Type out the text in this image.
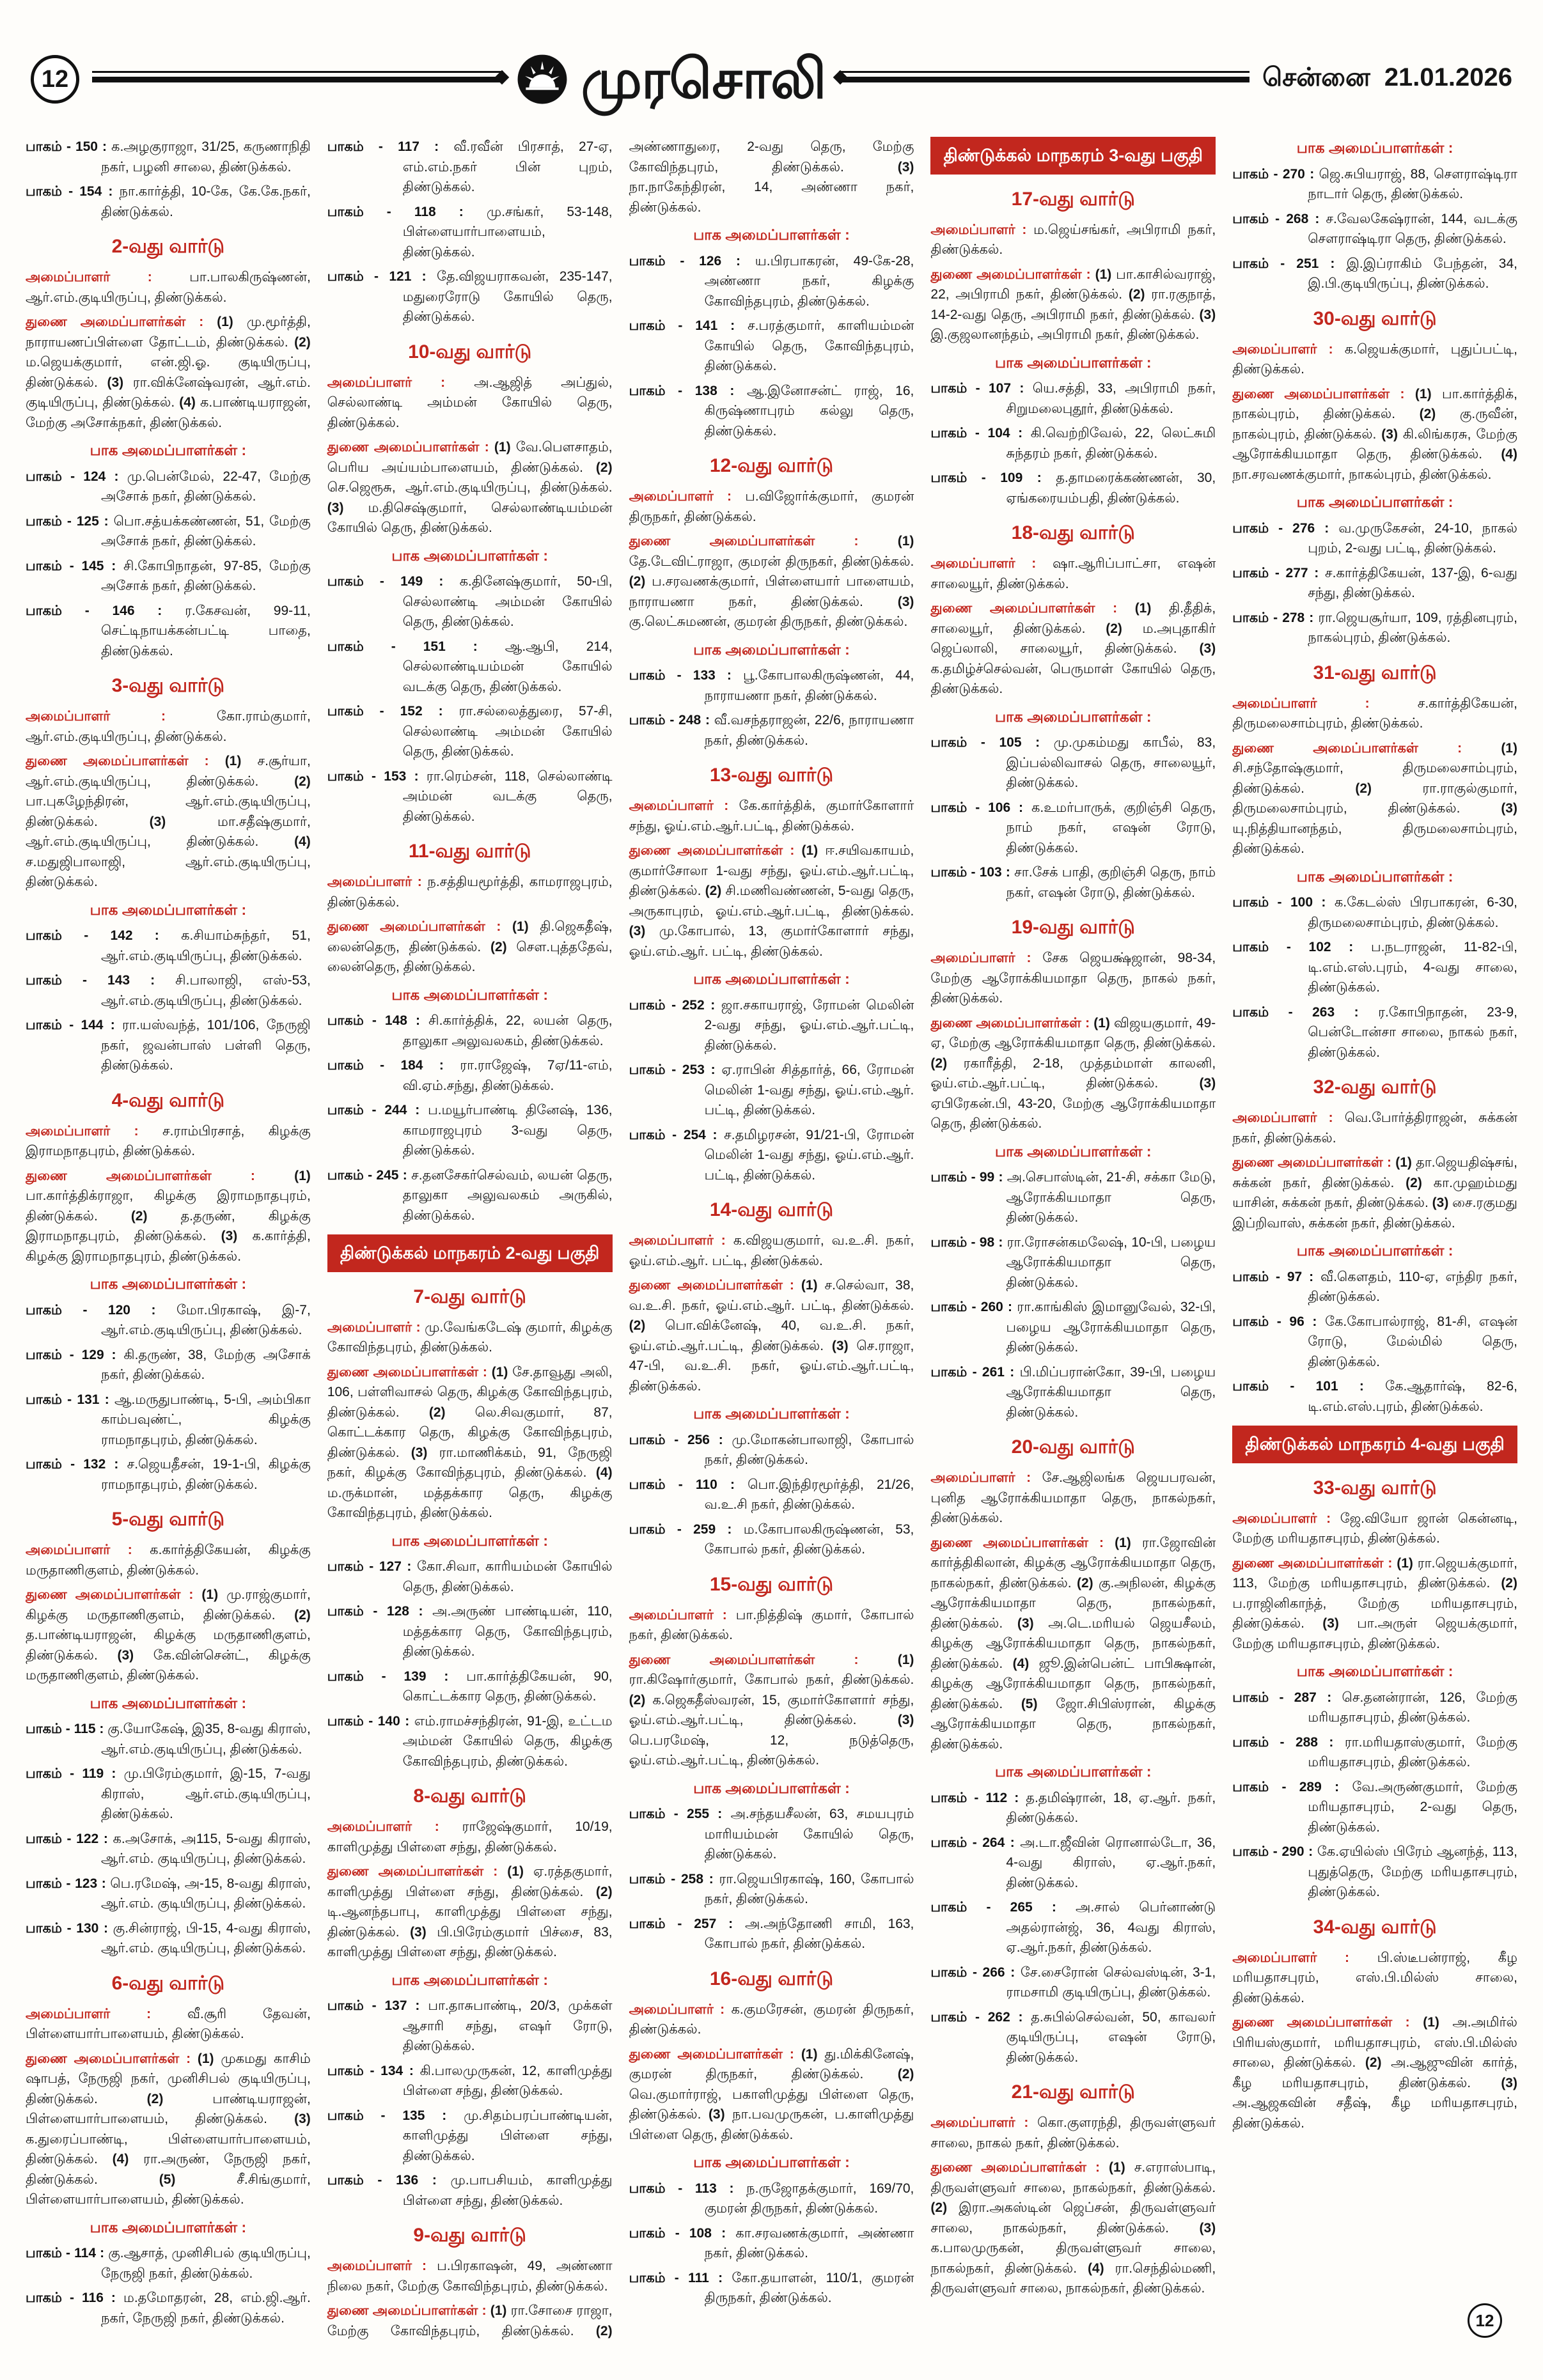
12	முரசொலி	சென்னை 21.01.2026

பாகம் - 150 : க.அழகுராஜா, 31/25, கருணாநிதி நகர், பழனி சாலை, திண்டுக்கல்.

பாகம் - 154 : நா.கார்த்தி, 10-கே, கே.கே.நகர், திண்டுக்கல்.

2-வது வார்டு

அமைப்பாளர் : பா.பாலகிருஷ்ணன், ஆர்.எம்.குடியிருப்பு, திண்டுக்கல்.

துணை அமைப்பாளர்கள் : (1) மு.மூர்த்தி, நாராயணப்பிள்ளை தோட்டம், திண்டுக்கல். (2) ம.ஜெயக்குமார், என்.ஜி.ஓ. குடியிருப்பு, திண்டுக்கல். (3) ரா.விக்னேஷ்வரன், ஆர்.எம். குடியிருப்பு, திண்டுக்கல். (4) க.பாண்டியராஜன், மேற்கு அசோக்நகர், திண்டுக்கல்.

பாக அமைப்பாளர்கள் :

பாகம் - 124 : மு.பென்மேல், 22-47, மேற்கு அசோக் நகர், திண்டுக்கல்.

பாகம் - 125 : பொ.சத்யக்கண்ணன், 51, மேற்கு அசோக் நகர், திண்டுக்கல்.

பாகம் - 145 : சி.கோபிநாதன், 97-85, மேற்கு அசோக் நகர், திண்டுக்கல்.

பாகம் - 146 : ர.கேசவன், 99-11, செட்டிநாயக்கன்பட்டி பாதை, திண்டுக்கல்.

3-வது வார்டு

அமைப்பாளர் : கோ.ராம்குமார், ஆர்.எம்.குடியிருப்பு, திண்டுக்கல்.

துணை அமைப்பாளர்கள் : (1) ச.சூர்யா, ஆர்.எம்.குடியிருப்பு, திண்டுக்கல். (2) பா.புகழேந்திரன், ஆர்.எம்.குடியிருப்பு, திண்டுக்கல். (3) மா.சதீஷ்குமார், ஆர்.எம்.குடியிருப்பு, திண்டுக்கல். (4) ச.மதுஜிபாலாஜி, ஆர்.எம்.குடியிருப்பு, திண்டுக்கல்.

பாக அமைப்பாளர்கள் :

பாகம் - 142 : க.சியாம்சுந்தர், 51, ஆர்.எம்.குடியிருப்பு, திண்டுக்கல்.

பாகம் - 143 : சி.பாலாஜி, எஸ்-53, ஆர்.எம்.குடியிருப்பு, திண்டுக்கல்.

பாகம் - 144 : ரா.யஸ்வந்த், 101/106, நேருஜி நகர், ஜவன்பாஸ் பள்ளி தெரு, திண்டுக்கல்.

4-வது வார்டு

அமைப்பாளர் : ச.ராம்பிரசாத், கிழக்கு இராமநாதபுரம், திண்டுக்கல்.

துணை அமைப்பாளர்கள் : (1) பா.கார்த்திக்ராஜா, கிழக்கு இராமநாதபுரம், திண்டுக்கல். (2) த.தருண், கிழக்கு இராமநாதபுரம், திண்டுக்கல். (3) க.கார்த்தி, கிழக்கு இராமநாதபுரம், திண்டுக்கல்.

பாக அமைப்பாளர்கள் :

பாகம் - 120 : மோ.பிரகாஷ், இ-7, ஆர்.எம்.குடியிருப்பு, திண்டுக்கல்.

பாகம் - 129 : கி.தருண், 38, மேற்கு அசோக் நகர், திண்டுக்கல்.

பாகம் - 131 : ஆ.மருதுபாண்டி, 5-பி, அம்பிகா காம்பவுண்ட், கிழக்கு ராமநாதபுரம், திண்டுக்கல்.

பாகம் - 132 : ச.ஜெயதீசன், 19-1-பி, கிழக்கு ராமநாதபுரம், திண்டுக்கல்.

5-வது வார்டு

அமைப்பாளர் : க.கார்த்திகேயன், கிழக்கு மருதாணிகுளம், திண்டுக்கல்.

துணை அமைப்பாளர்கள் : (1) மு.ராஜ்குமார், கிழக்கு மருதாணிகுளம், திண்டுக்கல். (2) த.பாண்டியராஜன், கிழக்கு மருதாணிகுளம், திண்டுக்கல். (3) கே.வின்சென்ட், கிழக்கு மருதாணிகுளம், திண்டுக்கல்.

பாக அமைப்பாளர்கள் :

பாகம் - 115 : கு.யோகேஷ், இ35, 8-வது கிராஸ், ஆர்.எம்.குடியிருப்பு, திண்டுக்கல்.

பாகம் - 119 : மு.பிரேம்குமார், இ-15, 7-வது கிராஸ், ஆர்.எம்.குடியிருப்பு, திண்டுக்கல்.

பாகம் - 122 : க.அசோக், அ115, 5-வது கிராஸ், ஆர்.எம். குடியிருப்பு, திண்டுக்கல்.

பாகம் - 123 : பெ.ரமேஷ், அ-15, 8-வது கிராஸ், ஆர்.எம். குடியிருப்பு, திண்டுக்கல்.

பாகம் - 130 : கு.சின்ராஜ், பி-15, 4-வது கிராஸ், ஆர்.எம். குடியிருப்பு, திண்டுக்கல்.

6-வது வார்டு

அமைப்பாளர் : வீ.சூரி தேவன், பிள்ளையார்பாளையம், திண்டுக்கல்.

துணை அமைப்பாளர்கள் : (1) முகமது காசிம் ஷாபத், நேருஜி நகர், முனிசிபல் குடியிருப்பு, திண்டுக்கல். (2) பாண்டியராஜன், பிள்ளையார்பாளையம், திண்டுக்கல். (3) க.துரைப்பாண்டி, பிள்ளையார்பாளையம், திண்டுக்கல். (4) ரா.அருண், நேருஜி நகர், திண்டுக்கல். (5) சீ.சிங்குமார், பிள்ளையார்பாளையம், திண்டுக்கல்.

பாக அமைப்பாளர்கள் :

பாகம் - 114 : கு.ஆசாத், முனிசிபல் குடியிருப்பு, நேருஜி நகர், திண்டுக்கல்.

பாகம் - 116 : ம.தமோதரன், 28, எம்.ஜி.ஆர். நகர், நேருஜி நகர், திண்டுக்கல்.

பாகம் - 117 : வீ.ரவீன் பிரசாத், 27-ஏ, எம்.எம்.நகர் பின் புறம், திண்டுக்கல்.

பாகம் - 118 : மு.சங்கர், 53-148, பிள்ளையார்பாளையம், திண்டுக்கல்.

பாகம் - 121 : தே.விஜயராகவன், 235-147, மதுரைரோடு கோயில் தெரு, திண்டுக்கல்.

10-வது வார்டு

அமைப்பாளர் : அ.ஆஜித் அப்துல், செல்லாண்டி அம்மன் கோயில் தெரு, திண்டுக்கல்.

துணை அமைப்பாளர்கள் : (1) வே.பௌசாதம், பெரிய அய்யம்பாளையம், திண்டுக்கல். (2) செ.ஜெரூசு, ஆர்.எம்.குடியிருப்பு, திண்டுக்கல். (3) ம.திசெஷ்குமார், செல்லாண்டியம்மன் கோயில் தெரு, திண்டுக்கல்.

பாக அமைப்பாளர்கள் :

பாகம் - 149 : க.தினேஷ்குமார், 50-பி, செல்லாண்டி அம்மன் கோயில் தெரு, திண்டுக்கல்.

பாகம் - 151 : ஆ.ஆபி, 214, செல்லாண்டியம்மன் கோயில் வடக்கு தெரு, திண்டுக்கல்.

பாகம் - 152 : ரா.சல்லைத்துரை, 57-சி, செல்லாண்டி அம்மன் கோயில் தெரு, திண்டுக்கல்.

பாகம் - 153 : ரா.ரெம்சன், 118, செல்லாண்டி அம்மன் வடக்கு தெரு, திண்டுக்கல்.

11-வது வார்டு

அமைப்பாளர் : ந.சத்தியமூர்த்தி, காமராஜபுரம், திண்டுக்கல்.

துணை அமைப்பாளர்கள் : (1) தி.ஜெகதீஷ், லைன்தெரு, திண்டுக்கல். (2) சௌ.புத்ததேவ், லைன்தெரு, திண்டுக்கல்.

பாக அமைப்பாளர்கள் :

பாகம் - 148 : சி.கார்த்திக், 22, லயன் தெரு, தாலுகா அலுவலகம், திண்டுக்கல்.

பாகம் - 184 : ரா.ராஜேஷ், 7ஏ/11-எம், வி.ஏம்.சந்து, திண்டுக்கல்.

பாகம் - 244 : ப.மயூர்பாண்டி தினேஷ், 136, காமராஜபுரம் 3-வது தெரு, திண்டுக்கல்.

பாகம் - 245 : ச.தனசேகர்செல்வம், லயன் தெரு, தாலுகா அலுவலகம் அருகில், திண்டுக்கல்.

திண்டுக்கல் மாநகரம் 2-வது பகுதி
7-வது வார்டு

அமைப்பாளர் : மு.வேங்கடேஷ் குமார், கிழக்கு கோவிந்தபுரம், திண்டுக்கல்.

துணை அமைப்பாளர்கள் : (1) சே.தாவூது அலி, 106, பள்ளிவாசல் தெரு, கிழக்கு கோவிந்தபுரம், திண்டுக்கல். (2) லெ.சிவகுமார், 87, கொட்டக்கார தெரு, கிழக்கு கோவிந்தபுரம், திண்டுக்கல். (3) ரா.மாணிக்கம், 91, நேருஜி நகர், கிழக்கு கோவிந்தபுரம், திண்டுக்கல். (4) ம.ருக்மான், மத்தக்கார தெரு, கிழக்கு கோவிந்தபுரம், திண்டுக்கல்.

பாக அமைப்பாளர்கள் :

பாகம் - 127 : கோ.சிவா, காரியம்மன் கோயில் தெரு, திண்டுக்கல்.

பாகம் - 128 : அ.அருண் பாண்டியன், 110, மத்தக்கார தெரு, கோவிந்தபுரம், திண்டுக்கல்.

பாகம் - 139 : பா.கார்த்திகேயன், 90, கொட்டக்கார தெரு, திண்டுக்கல்.

பாகம் - 140 : எம்.ராமச்சந்திரன், 91-இ, உட்டம அம்மன் கோயில் தெரு, கிழக்கு கோவிந்தபுரம், திண்டுக்கல்.

8-வது வார்டு

அமைப்பாளர் : ராஜேஷ்குமார், 10/19, காளிமுத்து பிள்ளை சந்து, திண்டுக்கல்.

துணை அமைப்பாளர்கள் : (1) ஏ.ரத்தகுமார், காளிமுத்து பிள்ளை சந்து, திண்டுக்கல். (2) டி.ஆனந்தபாபு, காளிமுத்து பிள்ளை சந்து, திண்டுக்கல். (3) பி.பிரேம்குமார் பிச்சை, 83, காளிமுத்து பிள்ளை சந்து, திண்டுக்கல்.

பாக அமைப்பாளர்கள் :

பாகம் - 137 : பா.தாசுபாண்டி, 20/3, முக்கள் ஆசாரி சந்து, எஷர் ரோடு, திண்டுக்கல்.

பாகம் - 134 : கி.பாலமுருகன், 12, காளிமுத்து பிள்ளை சந்து, திண்டுக்கல்.

பாகம் - 135 : மு.சிதம்பரப்பாண்டியன், காளிமுத்து பிள்ளை சந்து, திண்டுக்கல்.

பாகம் - 136 : மு.பாபசியம், காளிமுத்து பிள்ளை சந்து, திண்டுக்கல்.

9-வது வார்டு

அமைப்பாளர் : ப.பிரகாஷன், 49, அண்ணா நிலை நகர், மேற்கு கோவிந்தபுரம், திண்டுக்கல்.

துணை அமைப்பாளர்கள் : (1) ரா.சோசை ராஜா, மேற்கு கோவிந்தபுரம், திண்டுக்கல். (2) அண்ணாதுரை, 2-வது தெரு, மேற்கு கோவிந்தபுரம், திண்டுக்கல். (3) நா.நாகேந்திரன், 14, அண்ணா நகர், திண்டுக்கல்.

பாக அமைப்பாளர்கள் :

பாகம் - 126 : ய.பிரபாகரன், 49-கே-28, அண்ணா நகர், கிழக்கு கோவிந்தபுரம், திண்டுக்கல்.

பாகம் - 141 : ச.பரத்குமார், காளியம்மன் கோயில் தெரு, கோவிந்தபுரம், திண்டுக்கல்.

பாகம் - 138 : ஆ.இனோசன்ட் ராஜ், 16, கிருஷ்ணாபுரம் கல்லு தெரு, திண்டுக்கல்.

12-வது வார்டு

அமைப்பாளர் : ப.விஜோர்க்குமார், குமரன் திருநகர், திண்டுக்கல்.

துணை அமைப்பாளர்கள் : (1) தே.டேவிட்ராஜா, குமரன் திருநகர், திண்டுக்கல். (2) ப.சரவணக்குமார், பிள்ளையார் பாளையம், நாராயணா நகர், திண்டுக்கல். (3) கு.லெட்சுமணன், குமரன் திருநகர், திண்டுக்கல்.

பாக அமைப்பாளர்கள் :

பாகம் - 133 : பூ.கோபாலகிருஷ்ணன், 44, நாராயணா நகர், திண்டுக்கல்.

பாகம் - 248 : வீ.வசந்தராஜன், 22/6, நாராயணா நகர், திண்டுக்கல்.

13-வது வார்டு

அமைப்பாளர் : கே.கார்த்திக், குமார்கோளார் சந்து, ஓய்.எம்.ஆர்.பட்டி, திண்டுக்கல்.

துணை அமைப்பாளர்கள் : (1) ஈ.சயிவகாயம், குமார்சோலா 1-வது சந்து, ஓய்.எம்.ஆர்.பட்டி, திண்டுக்கல். (2) சி.மணிவண்ணன், 5-வது தெரு, அருகாபுரம், ஓய்.எம்.ஆர்.பட்டி, திண்டுக்கல். (3) மு.கோபால், 13, குமார்கோளார் சந்து, ஓய்.எம்.ஆர். பட்டி, திண்டுக்கல்.

பாக அமைப்பாளர்கள் :

பாகம் - 252 : ஜா.சகாயராஜ், ரோமன் மெலின் 2-வது சந்து, ஓய்.எம்.ஆர்.பட்டி, திண்டுக்கல்.

பாகம் - 253 : ஏ.ராபின் சித்தார்த், 66, ரோமன் மெலின் 1-வது சந்து, ஓய்.எம்.ஆர். பட்டி, திண்டுக்கல்.

பாகம் - 254 : ச.தமிழரசன், 91/21-பி, ரோமன் மெலின் 1-வது சந்து, ஓய்.எம்.ஆர். பட்டி, திண்டுக்கல்.

14-வது வார்டு

அமைப்பாளர் : க.விஜயகுமார், வ.உ.சி. நகர், ஓய்.எம்.ஆர். பட்டி, திண்டுக்கல்.

துணை அமைப்பாளர்கள் : (1) ச.செல்வா, 38, வ.உ.சி. நகர், ஓய்.எம்.ஆர். பட்டி, திண்டுக்கல். (2) பொ.விக்னேஷ், 40, வ.உ.சி. நகர், ஓய்.எம்.ஆர்.பட்டி, திண்டுக்கல். (3) செ.ராஜா, 47-பி, வ.உ.சி. நகர், ஓய்.எம்.ஆர்.பட்டி, திண்டுக்கல்.

பாக அமைப்பாளர்கள் :

பாகம் - 256 : மு.மோகன்பாலாஜி, கோபால் நகர், திண்டுக்கல்.

பாகம் - 110 : பொ.இந்திரமூர்த்தி, 21/26, வ.உ.சி நகர், திண்டுக்கல்.

பாகம் - 259 : ம.கோபாலகிருஷ்ணன், 53, கோபால் நகர், திண்டுக்கல்.

15-வது வார்டு

அமைப்பாளர் : பா.நித்திஷ் குமார், கோபால் நகர், திண்டுக்கல்.

துணை அமைப்பாளர்கள் : (1) ரா.கிஷோர்குமார், கோபால் நகர், திண்டுக்கல். (2) க.ஜெகதீஸ்வரன், 15, குமார்கோளார் சந்து, ஓய்.எம்.ஆர்.பட்டி, திண்டுக்கல். (3) பெ.பரமேஷ், 12, நடுத்தெரு, ஓய்.எம்.ஆர்.பட்டி, திண்டுக்கல்.

பாக அமைப்பாளர்கள் :

பாகம் - 255 : அ.சந்தயசீலன், 63, சமயபுரம் மாரியம்மன் கோயில் தெரு, திண்டுக்கல்.

பாகம் - 258 : ரா.ஜெயபிரகாஷ், 160, கோபால் நகர், திண்டுக்கல்.

பாகம் - 257 : அ.அந்தோணி சாமி, 163, கோபால் நகர், திண்டுக்கல்.

16-வது வார்டு

அமைப்பாளர் : க.குமரேசன், குமரன் திருநகர், திண்டுக்கல்.

துணை அமைப்பாளர்கள் : (1) து.மிக்கினேஷ், குமரன் திருநகர், திண்டுக்கல். (2) வெ.குமார்ராஜ், பகாளிமுத்து பிள்ளை தெரு, திண்டுக்கல். (3) நா.பவமுருகன், ப.காளிமுத்து பிள்ளை தெரு, திண்டுக்கல்.

பாக அமைப்பாளர்கள் :

பாகம் - 113 : ந.ருஜோதக்குமார், 169/70, குமரன் திருநகர், திண்டுக்கல்.

பாகம் - 108 : கா.சரவணக்குமார், அண்ணா நகர், திண்டுக்கல்.

பாகம் - 111 : கோ.தயாளன், 110/1, குமரன் திருநகர், திண்டுக்கல்.

திண்டுக்கல் மாநகரம் 3-வது பகுதி
17-வது வார்டு

அமைப்பாளர் : ம.ஜெய்சங்கர், அபிராமி நகர், திண்டுக்கல்.

துணை அமைப்பாளர்கள் : (1) பா.காசில்வராஜ், 22, அபிராமி நகர், திண்டுக்கல். (2) ரா.ரகுநாத், 14-2-வது தெரு, அபிராமி நகர், திண்டுக்கல். (3) இ.குஜலானந்தம், அபிராமி நகர், திண்டுக்கல்.

பாக அமைப்பாளர்கள் :

பாகம் - 107 : யெ.சத்தி, 33, அபிராமி நகர், சிறுமலைபுதூர், திண்டுக்கல்.

பாகம் - 104 : கி.வெற்றிவேல், 22, லெட்சுமி சுந்தரம் நகர், திண்டுக்கல்.

பாகம் - 109 : த.தாமரைக்கண்ணன், 30, ஏங்கரையம்பதி, திண்டுக்கல்.

18-வது வார்டு

அமைப்பாளர் : ஷா.ஆரிப்பாட்சா, எஷன் சாலையூர், திண்டுக்கல்.

துணை அமைப்பாளர்கள் : (1) தி.தீதிக், சாலையூர், திண்டுக்கல். (2) ம.அபுதாகிர் ஜெப்லாலி, சாலையூர், திண்டுக்கல். (3) க.தமிழ்ச்செல்வன், பெருமாள் கோயில் தெரு, திண்டுக்கல்.

பாக அமைப்பாளர்கள் :

பாகம் - 105 : மு.முகம்மது காபீல், 83, இப்பல்லிவாசல் தெரு, சாலையூர், திண்டுக்கல்.

பாகம் - 106 : க.உமர்பாருக், குறிஞ்சி தெரு, நாம் நகர், எஷன் ரோடு, திண்டுக்கல்.

பாகம் - 103 : சா.சேக் பாதி, குறிஞ்சி தெரு, நாம் நகர், எஷன் ரோடு, திண்டுக்கல்.

19-வது வார்டு

அமைப்பாளர் : சேக ஜெயக்ஷ்ஜான், 98-34, மேற்கு ஆரோக்கியமாதா தெரு, நாகல் நகர், திண்டுக்கல்.

துணை அமைப்பாளர்கள் : (1) விஜயகுமார், 49-ஏ, மேற்கு ஆரோக்கியமாதா தெரு, திண்டுக்கல். (2) ரகாரீத்தி, 2-18, முத்தம்மாள் காலனி, ஓய்.எம்.ஆர்.பட்டி, திண்டுக்கல். (3) ஏபிரேகன்.பி, 43-20, மேற்கு ஆரோக்கியமாதா தெரு, திண்டுக்கல்.

பாக அமைப்பாளர்கள் :

பாகம் - 99 : அ.செபாஸ்டின், 21-சி, சக்கா மேடு, ஆரோக்கியமாதா தெரு, திண்டுக்கல்.

பாகம் - 98 : ரா.ரோசன்கமலேஷ், 10-பி, பழைய ஆரோக்கியமாதா தெரு, திண்டுக்கல்.

பாகம் - 260 : ரா.காங்கிஸ் இமானுவேல், 32-பி, பழைய ஆரோக்கியமாதா தெரு, திண்டுக்கல்.

பாகம் - 261 : பி.மிப்பரான்கோ, 39-பி, பழைய ஆரோக்கியமாதா தெரு, திண்டுக்கல்.

20-வது வார்டு

அமைப்பாளர் : சே.ஆஜிலங்க ஜெயபரவன், புனித ஆரோக்கியமாதா தெரு, நாகல்நகர், திண்டுக்கல்.

துணை அமைப்பாளர்கள் : (1) ரா.ஜோவின் கார்த்திகிலான், கிழக்கு ஆரோக்கியமாதா தெரு, நாகல்நகர், திண்டுக்கல். (2) கு.அநிலன், கிழக்கு ஆரோக்கியமாதா தெரு, நாகல்நகர், திண்டுக்கல். (3) அ.டெ.மரியல் ஜெயசீலம், கிழக்கு ஆரோக்கியமாதா தெரு, நாகல்நகர், திண்டுக்கல். (4) ஜூ.இன்பென்ட் பாபிக்ஷான், கிழக்கு ஆரோக்கியமாதா தெரு, நாகல்நகர், திண்டுக்கல். (5) ஜோ.சிபிஸ்ரான், கிழக்கு ஆரோக்கியமாதா தெரு, நாகல்நகர், திண்டுக்கல்.

பாக அமைப்பாளர்கள் :

பாகம் - 112 : த.தமிஷ்ரான், 18, ஏ.ஆர். நகர், திண்டுக்கல்.

பாகம் - 264 : அ.டா.ஜீவின் ரொனால்டோ, 36, 4-வது கிராஸ், ஏ.ஆர்.நகர், திண்டுக்கல்.

பாகம் - 265 : அ.சால் பெர்னாண்டு அதல்ரான்ஜ், 36, 4வது கிராஸ், ஏ.ஆர்.நகர், திண்டுக்கல்.

பாகம் - 266 : சே.சைரோன் செல்வஸ்டின், 3-1, ராமசாமி குடியிருப்பு, திண்டுக்கல்.

பாகம் - 262 : த.சுபில்செல்வன், 50, காவலர் குடியிருப்பு, எஷன் ரோடு, திண்டுக்கல்.

21-வது வார்டு

அமைப்பாளர் : கொ.குளரந்தி, திருவள்ளுவர் சாலை, நாகல் நகர், திண்டுக்கல்.

துணை அமைப்பாளர்கள் : (1) ச.எராஸ்பாடி, திருவள்ளுவர் சாலை, நாகல்நகர், திண்டுக்கல். (2) இரா.அகஸ்டின் ஜெப்சன், திருவள்ளுவர் சாலை, நாகல்நகர், திண்டுக்கல். (3) க.பாலமுருகன், திருவள்ளுவர் சாலை, நாகல்நகர், திண்டுக்கல். (4) ரா.செந்தில்மணி, திருவள்ளுவர் சாலை, நாகல்நகர், திண்டுக்கல்.

பாக அமைப்பாளர்கள் :

பாகம் - 270 : ஜெ.சுபியராஜ், 88, சௌராஷ்டிரா நாடார் தெரு, திண்டுக்கல்.

பாகம் - 268 : ச.வேலகேஷ்ரான், 144, வடக்கு சௌராஷ்டிரா தெரு, திண்டுக்கல்.

பாகம் - 251 : இ.இப்ராகிம் பேந்தன், 34, இ.பி.குடியிருப்பு, திண்டுக்கல்.

30-வது வார்டு

அமைப்பாளர் : க.ஜெயக்குமார், புதுப்பட்டி, திண்டுக்கல்.

துணை அமைப்பாளர்கள் : (1) பா.கார்த்திக், நாகல்புரம், திண்டுக்கல். (2) கு.ருவீன், நாகல்புரம், திண்டுக்கல். (3) கி.லிங்கரசு, மேற்கு ஆரோக்கியமாதா தெரு, திண்டுக்கல். (4) நா.சரவணக்குமார், நாகல்புரம், திண்டுக்கல்.

பாக அமைப்பாளர்கள் :

பாகம் - 276 : வ.முருகேசன், 24-10, நாகல் புறம், 2-வது பட்டி, திண்டுக்கல்.

பாகம் - 277 : ச.கார்த்திகேயன், 137-இ, 6-வது சந்து, திண்டுக்கல்.

பாகம் - 278 : ரா.ஜெயசூர்யா, 109, ரத்தினபுரம், நாகல்புரம், திண்டுக்கல்.

31-வது வார்டு

அமைப்பாளர் : ச.கார்த்திகேயன், திருமலைசாம்புரம், திண்டுக்கல்.

துணை அமைப்பாளர்கள் : (1) சி.சந்தோஷ்குமார், திருமலைசாம்புரம், திண்டுக்கல். (2) ரா.ராகுல்குமார், திருமலைசாம்புரம், திண்டுக்கல். (3) யு.நித்தியானந்தம், திருமலைசாம்புரம், திண்டுக்கல்.

பாக அமைப்பாளர்கள் :

பாகம் - 100 : க.கேடல்ஸ் பிரபாகரன், 6-30, திருமலைசாம்புரம், திண்டுக்கல்.

பாகம் - 102 : ப.நடராஜன், 11-82-பி, டி.எம்.எஸ்.புரம், 4-வது சாலை, திண்டுக்கல்.

பாகம் - 263 : ர.கோபிநாதன், 23-9, பென்டோன்சா சாலை, நாகல் நகர், திண்டுக்கல்.

32-வது வார்டு

அமைப்பாளர் : வெ.போர்த்திராஜன், சுக்கன் நகர், திண்டுக்கல்.

துணை அமைப்பாளர்கள் : (1) தா.ஜெயதிஷ்சங், சுக்கன் நகர், திண்டுக்கல். (2) கா.முஹம்மது யாசின், சுக்கன் நகர், திண்டுக்கல். (3) சை.ரகுமது இப்றிவாஸ், சுக்கன் நகர், திண்டுக்கல்.

பாக அமைப்பாளர்கள் :

பாகம் - 97 : வீ.கௌதம், 110-ஏ, எந்திர நகர், திண்டுக்கல்.

பாகம் - 96 : கே.கோபால்ராஜ், 81-சி, எஷன் ரோடு, மேல்மில் தெரு, திண்டுக்கல்.

பாகம் - 101 : கே.ஆதார்ஷ், 82-6, டி.எம்.எஸ்.புரம், திண்டுக்கல்.

திண்டுக்கல் மாநகரம் 4-வது பகுதி
33-வது வார்டு

அமைப்பாளர் : ஜே.வியோ ஜான் கென்னடி, மேற்கு மரியதாசபுரம், திண்டுக்கல்.

துணை அமைப்பாளர்கள் : (1) ரா.ஜெயக்குமார், 113, மேற்கு மரியதாசபுரம், திண்டுக்கல். (2) ப.ராஜினிகாந்த், மேற்கு மரியதாசபுரம், திண்டுக்கல். (3) பா.அருள் ஜெயக்குமார், மேற்கு மரியதாசபுரம், திண்டுக்கல்.

பாக அமைப்பாளர்கள் :

பாகம் - 287 : செ.தனன்ரான், 126, மேற்கு மரியதாசபுரம், திண்டுக்கல்.

பாகம் - 288 : ரா.மரியதாஸ்குமார், மேற்கு மரியதாசபுரம், திண்டுக்கல்.

பாகம் - 289 : வே.அருண்குமார், மேற்கு மரியதாசபுரம், 2-வது தெரு, திண்டுக்கல்.

பாகம் - 290 : கே.ஏயில்ஸ் பிரேம் ஆனந்த், 113, புதுத்தெரு, மேற்கு மரியதாசபுரம், திண்டுக்கல்.

34-வது வார்டு

அமைப்பாளர் : பி.ஸ்டீபன்ராஜ், கீழ மரியதாசபுரம், எஸ்.பி.மில்ஸ் சாலை, திண்டுக்கல்.

துணை அமைப்பாளர்கள் : (1) அ.அமிர்ல் பிரியஸ்குமார், மரியதாசபுரம், எஸ்.பி.மில்ஸ் சாலை, திண்டுக்கல். (2) அ.ஆஜுவின் கார்த், கீழ மரியதாசபுரம், திண்டுக்கல். (3) அ.ஆஜகவின் சதீஷ், கீழ மரியதாசபுரம், திண்டுக்கல்.

12
